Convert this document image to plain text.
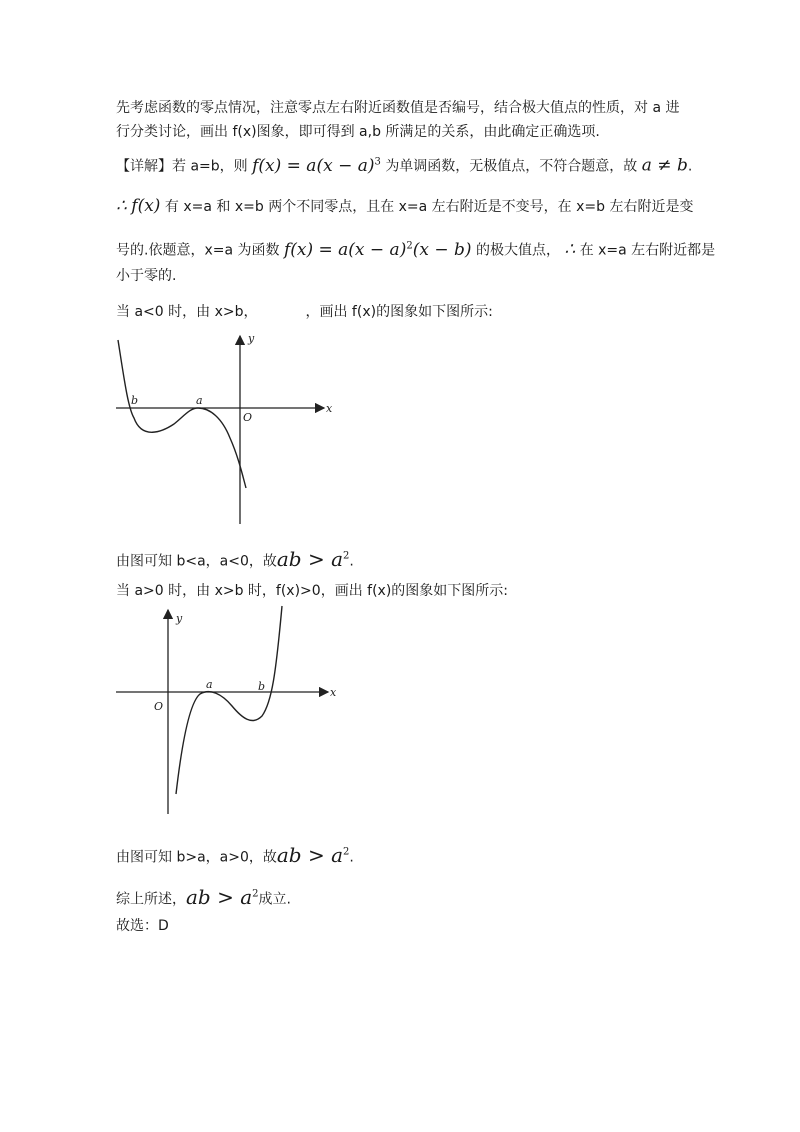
先考虑函数的零点情况，注意零点左右附近函数值是否编号，结合极大值点的性质，对 a 进
行分类讨论，画出 f(x)图象，即可得到 a,b 所满足的关系，由此确定正确选项.
【详解】若 a=b，则 $f(x) = a(x - a)^3$ 为单调函数，无极值点，不符合题意，故 a ≠ b.
∴ f(x) 有 x=a 和 x=b 两个不同零点，且在 x=a 左右附近是不变号，在 x=b 左右附近是变
号的.依题意，x=a 为函数 $f(x) = a(x - a)^2(x - b)$ 的极大值点， ∴ 在 x=a 左右附近都是
小于零的.
当 a<0 时，由 x>b，	，画出 f(x)的图象如下图所示:
y
x
O
a
b
由图可知 b<a，a<0，故ab > $a^2$.
当 a>0 时，由 x>b 时，f(x)>0，画出 f(x)的图象如下图所示:
y
x
O
a	b
由图可知 b>a，a>0，故ab > $a^2$.
综上所述，ab > $a^2$成立.
故选：D
